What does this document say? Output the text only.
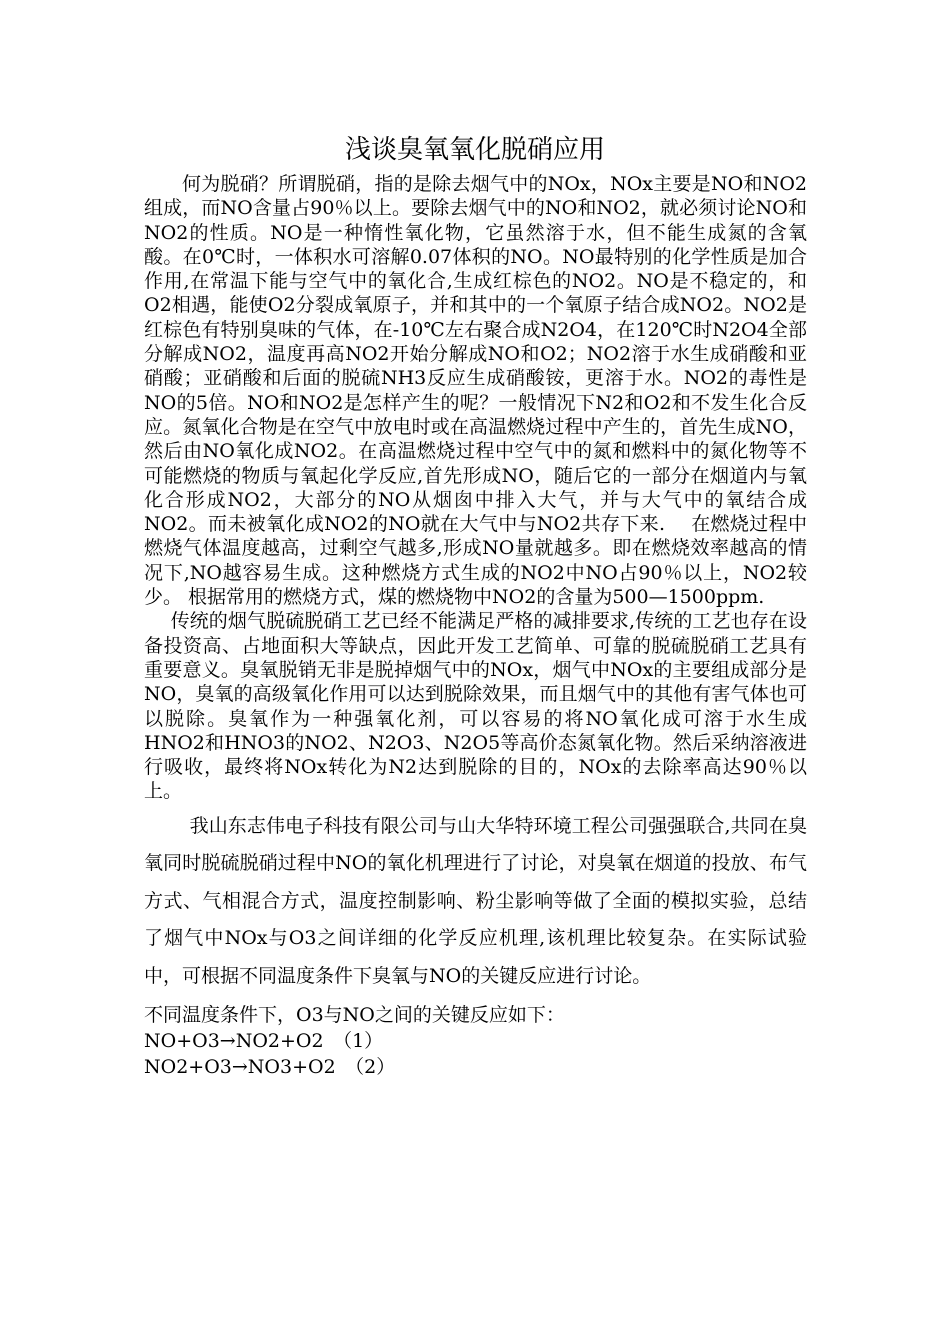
浅谈臭氧氧化脱硝应用

何为脱硝？所谓脱硝，指的是除去烟气中的NOx，NOx主要是NO和NO2组成，而NO含量占90％以上。要除去烟气中的NO和NO2，就必须讨论NO和NO2的性质。NO是一种惰性氧化物，它虽然溶于水，但不能生成氮的含氧酸。在0℃时，一体积水可溶解0.07体积的NO。NO最特别的化学性质是加合作用,在常温下能与空气中的氧化合,生成红棕色的NO2。NO是不稳定的，和O2相遇，能使O2分裂成氧原子，并和其中的一个氧原子结合成NO2。NO2是红棕色有特别臭味的气体，在-10℃左右聚合成N2O4，在120℃时N2O4全部分解成NO2，温度再高NO2开始分解成NO和O2；NO2溶于水生成硝酸和亚硝酸；亚硝酸和后面的脱硫NH3反应生成硝酸铵，更溶于水。NO2的毒性是NO的5倍。NO和NO2是怎样产生的呢？一般情况下N2和O2和不发生化合反应。氮氧化合物是在空气中放电时或在高温燃烧过程中产生的，首先生成NO，然后由NO氧化成NO2。在高温燃烧过程中空气中的氮和燃料中的氮化物等不可能燃烧的物质与氧起化学反应,首先形成NO，随后它的一部分在烟道内与氧化合形成NO2，大部分的NO从烟囱中排入大气，并与大气中的氧结合成NO2。而未被氧化成NO2的NO就在大气中与NO2共存下来.　 在燃烧过程中燃烧气体温度越高，过剩空气越多,形成NO量就越多。即在燃烧效率越高的情况下,NO越容易生成。这种燃烧方式生成的NO2中NO占90％以上，NO2较少。 根据常用的燃烧方式，煤的燃烧物中NO2的含量为500—1500ppm.

传统的烟气脱硫脱硝工艺已经不能满足严格的减排要求,传统的工艺也存在设备投资高、占地面积大等缺点，因此开发工艺简单、可靠的脱硫脱硝工艺具有重要意义。臭氧脱销无非是脱掉烟气中的NOx，烟气中NOx的主要组成部分是NO，臭氧的高级氧化作用可以达到脱除效果，而且烟气中的其他有害气体也可以脱除。臭氧作为一种强氧化剂，可以容易的将NO氧化成可溶于水生成HNO2和HNO3的NO2、N2O3、N2O5等高价态氮氧化物。然后采纳溶液进行吸收，最终将NOx转化为N2达到脱除的目的，NOx的去除率高达90％以上。

我山东志伟电子科技有限公司与山大华特环境工程公司强强联合,共同在臭氧同时脱硫脱硝过程中NO的氧化机理进行了讨论，对臭氧在烟道的投放、布气方式、气相混合方式，温度控制影响、粉尘影响等做了全面的模拟实验，总结了烟气中NOx与O3之间详细的化学反应机理,该机理比较复杂。在实际试验中，可根据不同温度条件下臭氧与NO的关键反应进行讨论。

不同温度条件下，O3与NO之间的关键反应如下：

NO+O3→NO2+O2　（1）

NO2+O3→NO3+O2　（2）
